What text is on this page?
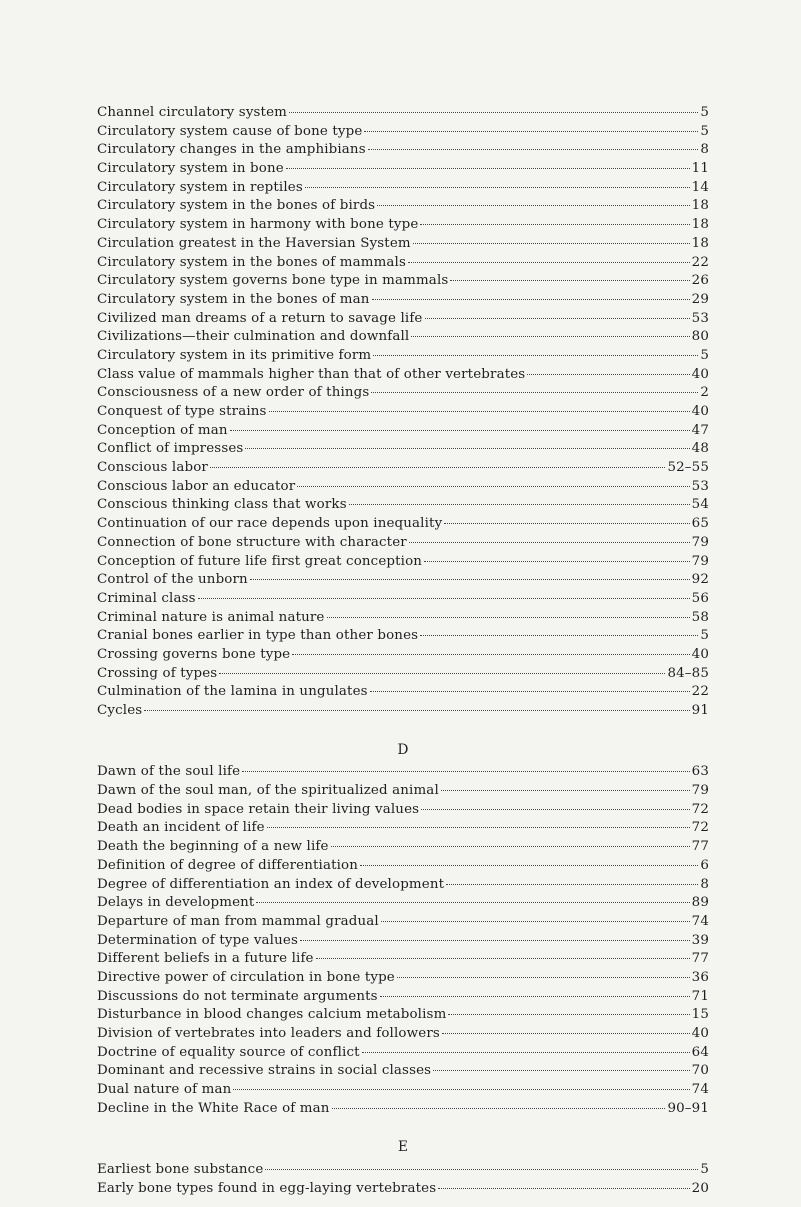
Channel circulatory system	5
Circulatory system cause of bone type	5
Circulatory changes in the amphibians	8
Circulatory system in bone	11
Circulatory system in reptiles	14
Circulatory system in the bones of birds	18
Circulatory system in harmony with bone type	18
Circulation greatest in the Haversian System	18
Circulatory system in the bones of mammals	22
Circulatory system governs bone type in mammals	26
Circulatory system in the bones of man	29
Civilized man dreams of a return to savage life	53
Civilizations—their culmination and downfall	80
Circulatory system in its primitive form	5
Class value of mammals higher than that of other vertebrates	40
Consciousness of a new order of things	2
Conquest of type strains	40
Conception of man	47
Conflict of impresses	48
Conscious labor	52–55
Conscious labor an educator	53
Conscious thinking class that works	54
Continuation of our race depends upon inequality	65
Connection of bone structure with character	79
Conception of future life first great conception	79
Control of the unborn	92
Criminal class	56
Criminal nature is animal nature	58
Cranial bones earlier in type than other bones	5
Crossing governs bone type	40
Crossing of types	84–85
Culmination of the lamina in ungulates	22
Cycles	91
D
Dawn of the soul life	63
Dawn of the soul man, of the spiritualized animal	79
Dead bodies in space retain their living values	72
Death an incident of life	72
Death the beginning of a new life	77
Definition of degree of differentiation	6
Degree of differentiation an index of development	8
Delays in development	89
Departure of man from mammal gradual	74
Determination of type values	39
Different beliefs in a future life	77
Directive power of circulation in bone type	36
Discussions do not terminate arguments	71
Disturbance in blood changes calcium metabolism	15
Division of vertebrates into leaders and followers	40
Doctrine of equality source of conflict	64
Dominant and recessive strains in social classes	70
Dual nature of man	74
Decline in the White Race of man	90–91
E
Earliest bone substance	5
Early bone types found in egg-laying vertebrates	20
